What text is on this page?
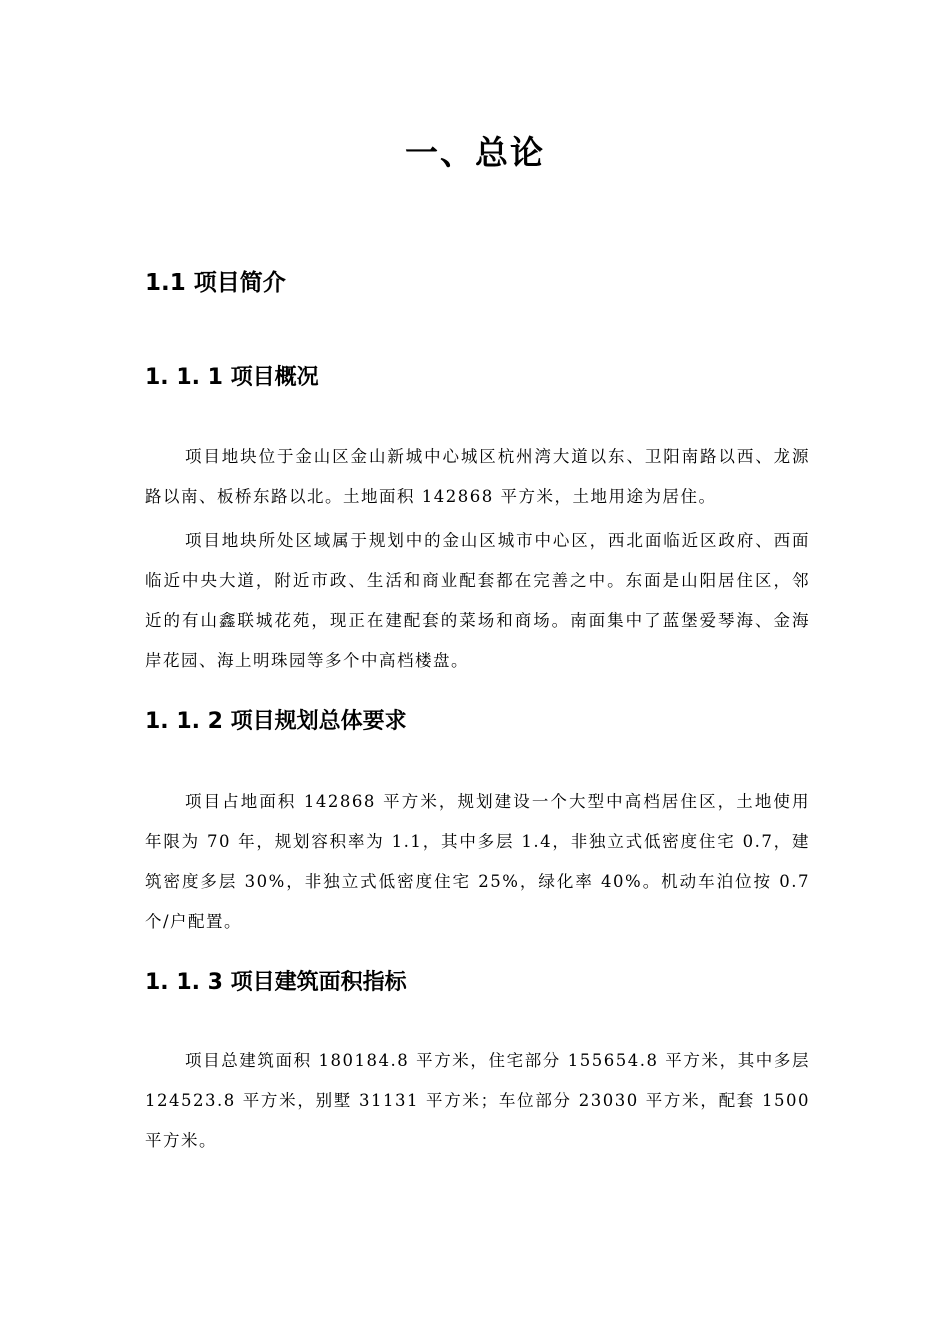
一、总论
1.1 项目简介
1. 1. 1 项目概况

项目地块位于金山区金山新城中心城区杭州湾大道以东、卫阳南路以西、龙源路以南、板桥东路以北。土地面积 142868 平方米，土地用途为居住。

项目地块所处区域属于规划中的金山区城市中心区，西北面临近区政府、西面临近中央大道，附近市政、生活和商业配套都在完善之中。东面是山阳居住区，邻近的有山鑫联城花苑，现正在建配套的菜场和商场。南面集中了蓝堡爱琴海、金海岸花园、海上明珠园等多个中高档楼盘。

1. 1. 2 项目规划总体要求

项目占地面积 142868 平方米，规划建设一个大型中高档居住区，土地使用年限为 70 年，规划容积率为 1.1，其中多层 1.4，非独立式低密度住宅 0.7，建筑密度多层 30%，非独立式低密度住宅 25%，绿化率 40%。机动车泊位按 0.7 个/户配置。

1. 1. 3 项目建筑面积指标

项目总建筑面积 180184.8 平方米，住宅部分 155654.8 平方米，其中多层 124523.8 平方米，别墅 31131 平方米；车位部分 23030 平方米，配套 1500 平方米。
